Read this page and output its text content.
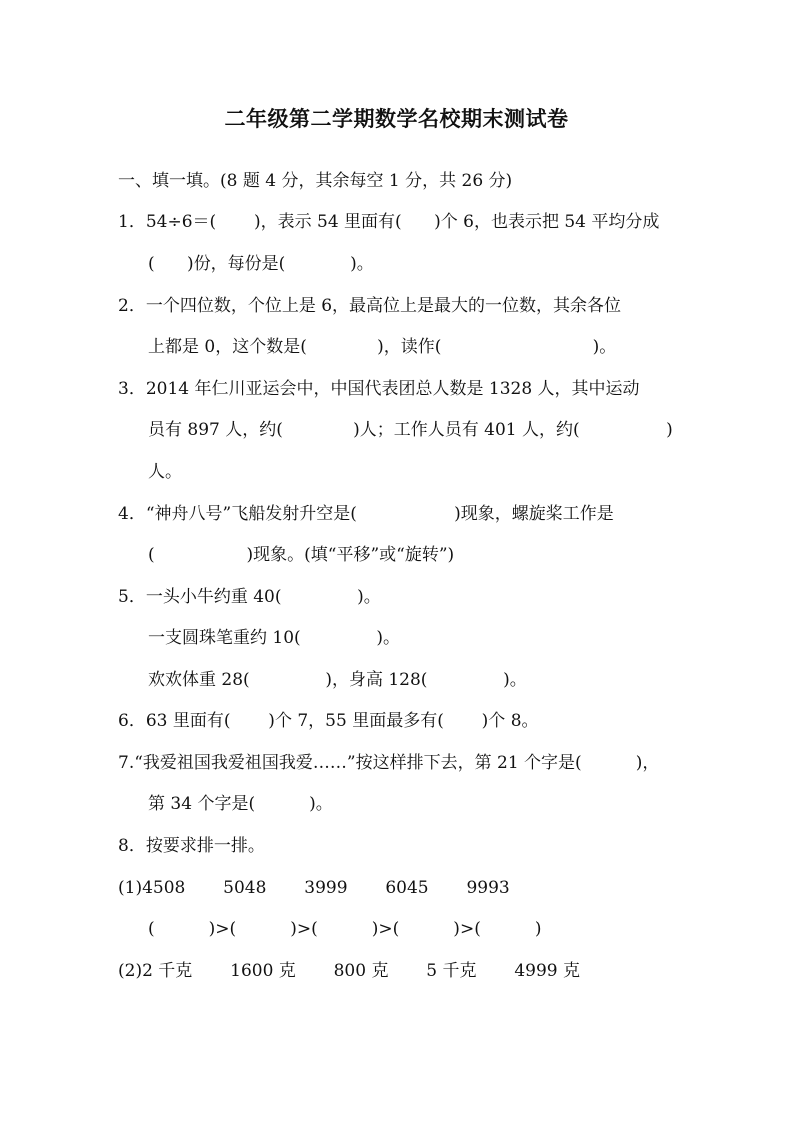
二年级第二学期数学名校期末测试卷
一、填一填。(8 题 4 分，其余每空 1 分，共 26 分)
1．54÷6＝(       )，表示 54 里面有(      )个 6，也表示把 54 平均分成
(      )份，每份是(            )。
2．一个四位数，个位上是 6，最高位上是最大的一位数，其余各位
上都是 0，这个数是(             )，读作(                            )。
3．2014 年仁川亚运会中，中国代表团总人数是 1328 人，其中运动
员有 897 人，约(             )人；工作人员有 401 人，约(                )
人。
4．“神舟八号”飞船发射升空是(                  )现象，螺旋桨工作是
(                 )现象。(填“平移”或“旋转”)
5．一头小牛约重 40(              )。
一支圆珠笔重约 10(              )。
欢欢体重 28(              )，身高 128(              )。
6．63 里面有(       )个 7，55 里面最多有(       )个 8。
7.“我爱祖国我爱祖国我爱……”按这样排下去，第 21 个字是(          )，
第 34 个字是(          )。
8．按要求排一排。
(1)4508       5048       3999       6045       9993
(          )>(          )>(          )>(          )>(          )
(2)2 千克       1600 克       800 克       5 千克       4999 克
